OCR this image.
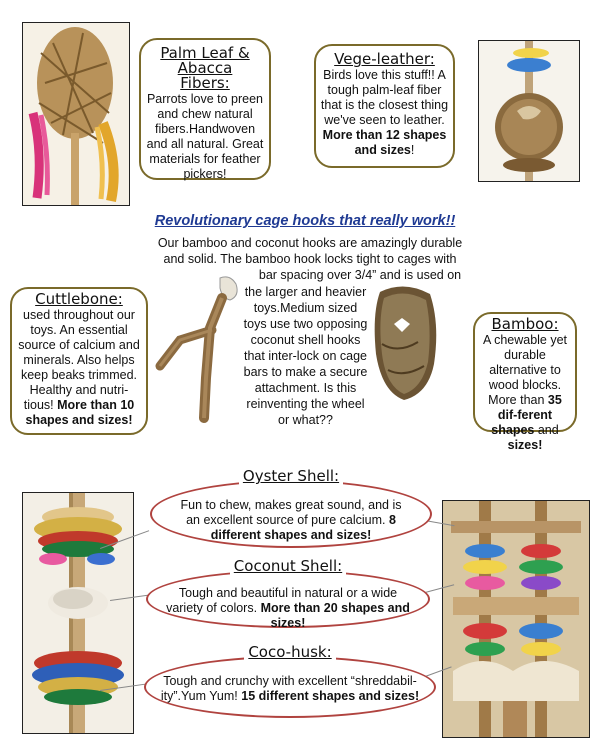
Palm Leaf & Abacca Fibers:
Parrots love to preen and chew natural fibers.Handwoven and all natural. Great materials for feather pickers!
Vege-leather:
Birds love this stuff!! A tough palm-leaf fiber that is the closest thing we've seen to leather. More than 12 shapes and sizes!
Revolutionary cage hooks that really work!!
Our bamboo and coconut hooks are amazingly durable
and solid. The bamboo hook locks tight to cages with
bar spacing over 3/4” and is used on
the larger and heavier toys.Medium sized toys use two opposing coconut shell hooks that inter-lock on cage bars to make a secure attachment. Is this reinventing the wheel or what??
Cuttlebone:
used throughout our toys. An essential source of calcium and minerals. Also helps keep beaks trimmed. Healthy and nutri-tious! More than 10 shapes and sizes!
Bamboo:
A chewable yet durable alternative to wood blocks. More than 35 dif-ferent shapes and sizes!
Oyster Shell:
Fun to chew, makes great sound, and is an excellent source of pure calcium. 8 different shapes and sizes!
Coconut Shell:
Tough and beautiful in natural or a wide variety of colors. More than 20 shapes and sizes!
Coco-husk:
Tough and crunchy with excellent “shreddabil-ity”.Yum Yum! 15 different shapes and sizes!
